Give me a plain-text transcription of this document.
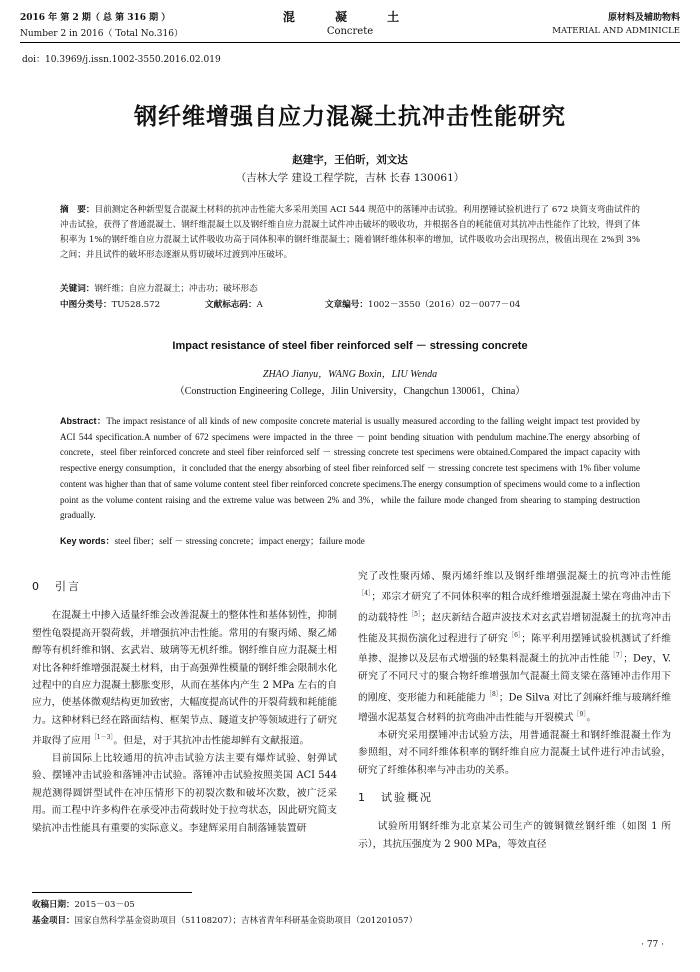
2016 年 第 2 期（ 总 第 316 期 ）
Number 2 in 2016（ Total No.316）
混 凝 土
Concrete
原材料及辅助物料
MATERIAL AND ADMINICLE
doi：10.3969/j.issn.1002-3550.2016.02.019
钢纤维增强自应力混凝土抗冲击性能研究
赵建宇，王伯昕，刘文达
（吉林大学 建设工程学院，吉林 长春 130061）
摘　要：目前测定各种新型复合混凝土材料的抗冲击性能大多采用美国 ACI 544 规范中的落锤冲击试验。利用摆锤试验机进行了 672 块简支弯曲试件的冲击试验，获得了普通混凝土、钢纤维混凝土以及钢纤维自应力混凝土试件冲击破坏的吸收功，并根据各自的耗能值对其抗冲击性能作了比较，得到了体积率为 1%的钢纤维自应力混凝土试件吸收功高于同体积率的钢纤维混凝土；随着钢纤维体积率的增加，试件吸收功会出现拐点，极值出现在 2%到 3%之间；并且试件的破坏形态逐渐从剪切破坏过渡到冲压破坏。
关键词：钢纤维；自应力混凝土；冲击功；破坏形态
中图分类号：TU528.572	文献标志码：A	文章编号：1002－3550（2016）02－0077－04
Impact resistance of steel fiber reinforced self － stressing concrete
ZHAO Jianyu，WANG Boxin，LIU Wenda
（Construction Engineering College，Jilin University，Changchun 130061，China）
Abstract：The impact resistance of all kinds of new composite concrete material is usually measured according to the falling weight impact test provided by ACI 544 specification.A number of 672 specimens were impacted in the three － point bending situation with pendulum machine.The energy absorbing of concrete，steel fiber reinforced concrete and steel fiber reinforced self － stressing concrete test specimens were obtained.Compared the impact capacity with respective energy consumption，it concluded that the energy absorbing of steel fiber reinforced self － stressing concrete test specimens with 1% fiber volume content was higher than that of same volume content steel fiber reinforced concrete specimens.The energy consumption of specimens would come to a inflection point as the volume content raising and the extreme value was between 2% and 3%，while the failure mode changed from shearing to stamping destruction gradually.
Key words：steel fiber；self － stressing concrete；impact energy；failure mode
0 引言

在混凝土中掺入适量纤维会改善混凝土的整体性和基体韧性，抑制塑性龟裂提高开裂荷载，并增强抗冲击性能。常用的有聚丙烯、聚乙烯醇等有机纤维和钢、玄武岩、玻璃等无机纤维。钢纤维自应力混凝土相对比各种纤维增强混凝土材料，由于高强弹性模量的钢纤维会限制水化过程中的自应力混凝土膨胀变形，从而在基体内产生 2 MPa 左右的自应力，使基体微观结构更加致密，大幅度提高试件的开裂荷载和耗能能力。这种材料已经在路面结构、框架节点、隧道支护等领域进行了研究并取得了应用$^{[1-3]}$。但是，对于其抗冲击性能却鲜有文献报道。

目前国际上比较通用的抗冲击试验方法主要有爆炸试验、射弹试验、摆锤冲击试验和落锤冲击试验。落锤冲击试验按照美国 ACI 544 规范测得圆饼型试件在冲压情形下的初裂次数和破坏次数，被广泛采用。而工程中许多构件在承受冲击荷载时处于拉弯状态，因此研究简支梁抗冲击性能具有重要的实际意义。李建辉采用自制落锤装置研

究了改性聚丙烯、聚丙烯纤维以及钢纤维增强混凝土的抗弯冲击性能$^{[4]}$；邓宗才研究了不同体积率的粗合成纤维增强混凝土梁在弯曲冲击下的动载特性$^{[5]}$；赵庆新结合超声波技术对玄武岩增韧混凝土的抗弯冲击性能及其损伤演化过程进行了研究$^{[6]}$；陈平利用摆锤试验机测试了纤维单掺、混掺以及层布式增强的轻集料混凝土的抗冲击性能$^{[7]}$；Dey，V.研究了不同尺寸的聚合物纤维增强加气混凝土简支梁在落锤冲击作用下的刚度、变形能力和耗能能力$^{[8]}$；De Silva 对比了剑麻纤维与玻璃纤维增强水泥基复合材料的抗弯曲冲击性能与开裂模式$^{[9]}$。

本研究采用摆锤冲击试验方法，用普通混凝土和钢纤维混凝土作为参照组，对不同纤维体积率的钢纤维自应力混凝土试件进行冲击试验，研究了纤维体积率与冲击功的关系。

1 试验概况

试验所用钢纤维为北京某公司生产的镀铜微丝钢纤维（如图 1 所示），其抗压强度为 2 900 MPa，等效直径

收稿日期：2015－03－05
基金项目：国家自然科学基金资助项目（51108207）；吉林省青年科研基金资助项目（201201057）
· 77 ·
